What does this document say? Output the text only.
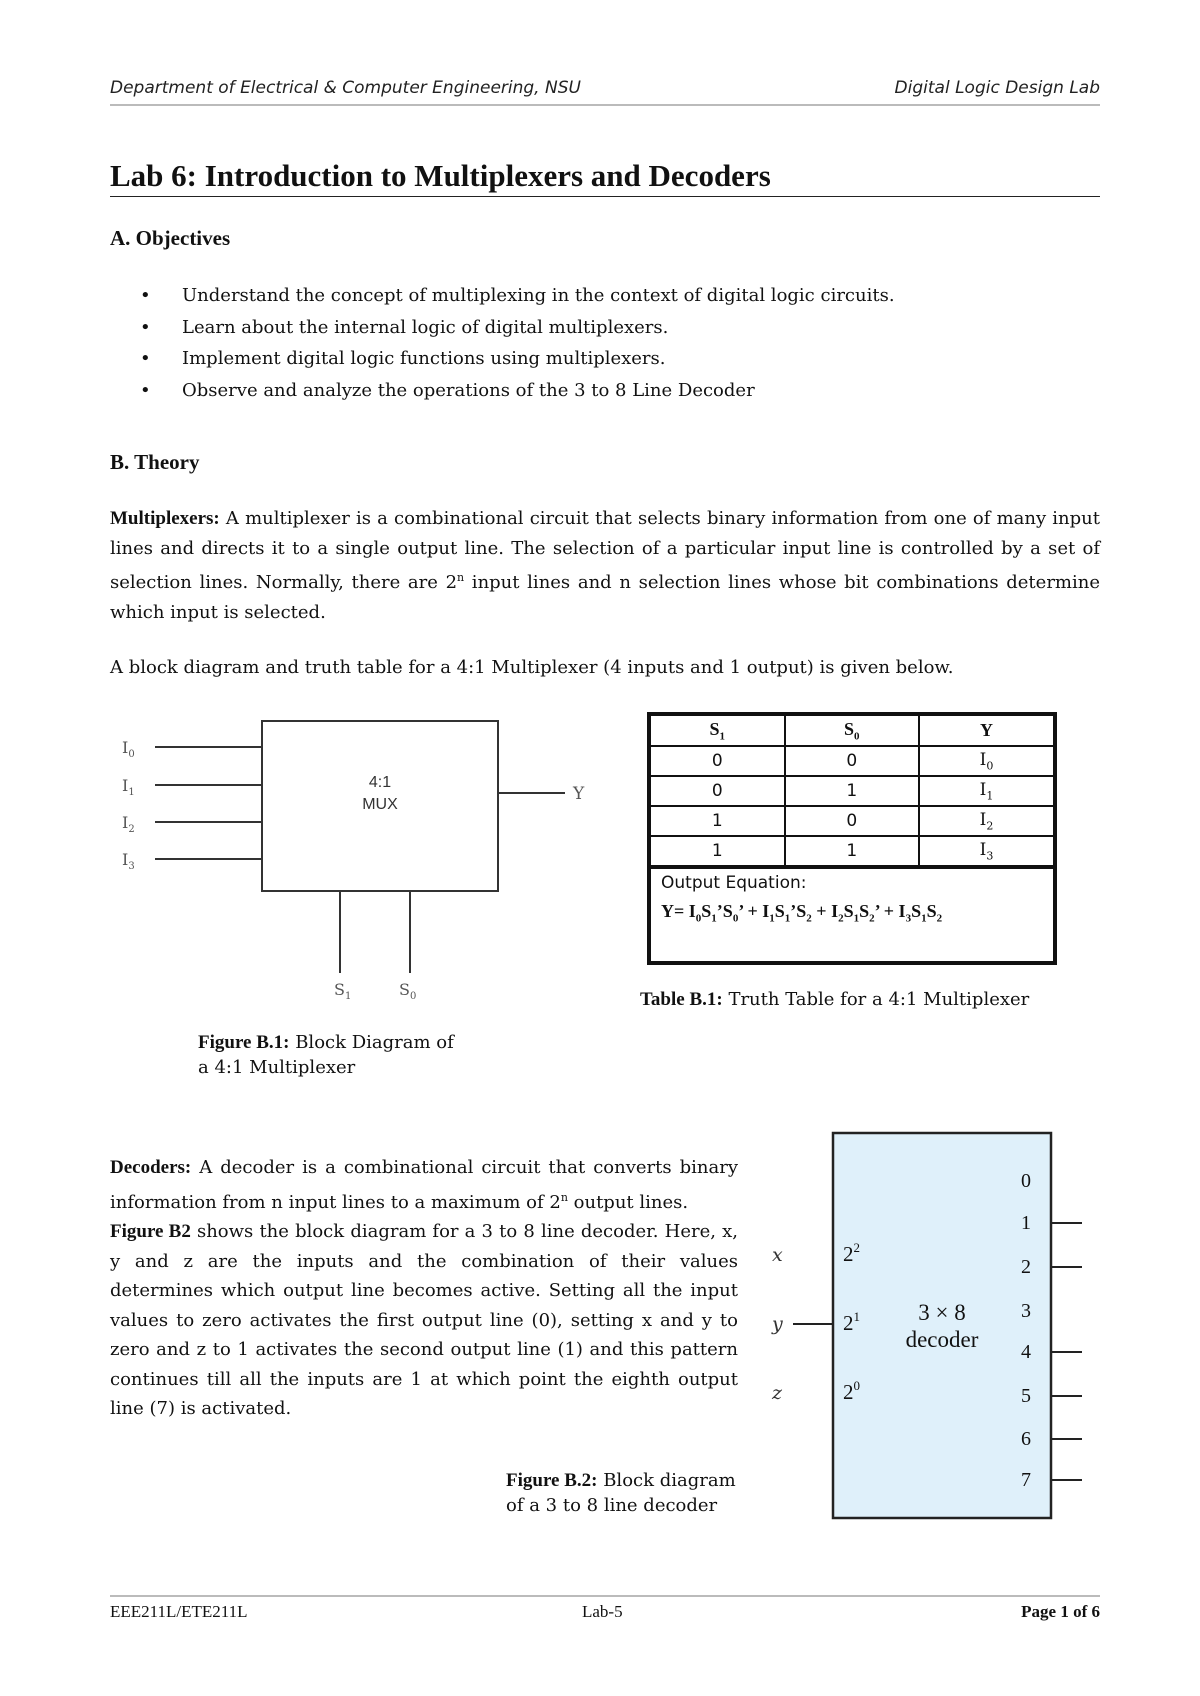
Department of Electrical & Computer Engineering, NSU	Digital Logic Design Lab
Lab 6: Introduction to Multiplexers and Decoders
A. Objectives
• Understand the concept of multiplexing in the context of digital logic circuits.
• Learn about the internal logic of digital multiplexers.
• Implement digital logic functions using multiplexers.
• Observe and analyze the operations of the 3 to 8 Line Decoder
B. Theory
Multiplexers: A multiplexer is a combinational circuit that selects binary information from one of many input lines and directs it to a single output line. The selection of a particular input line is controlled by a set of selection lines. Normally, there are 2$^n$ input lines and n selection lines whose bit combinations determine which input is selected.
A block diagram and truth table for a 4:1 Multiplexer (4 inputs and 1 output) is given below.
4:1
MUX
$I_0$
$I_1$
$I_2$
$I_3$
Y
$S_1$	$S_0$
Figure B.1: Block Diagram of
a 4:1 Multiplexer
$S_1$	$S_0$	Y
0	0	$I_0$
0	1	$I_1$
1	0	$I_2$
1	1	$I_3$

Output Equation:
$Y= I_0S_1’S_0$’ + $I_1S_1’S_2 + I_2S_1S_2$’ + $I_3S_1S_2$
Table B.1: Truth Table for a 4:1 Multiplexer
Decoders: A decoder is a combinational circuit that converts binary information from n input lines to a maximum of 2$^n$ output lines.
Figure B2 shows the block diagram for a 3 to 8 line decoder. Here, x, y and z are the inputs and the combination of their values determines which output line becomes active. Setting all the input values to zero activates the first output line (0), setting x and y to zero and z to 1 activates the second output line (1) and this pattern continues till all the inputs are 1 at which point the eighth output line (7) is activated.
x
y
z
$2^2$
$2^1$
$2^0$
3 × 8
decoder
0
1
2
3
4
5
6
7
Figure B.2: Block diagram
of a 3 to 8 line decoder
EEE211L/ETE211L	Lab-5	Page 1 of 6
